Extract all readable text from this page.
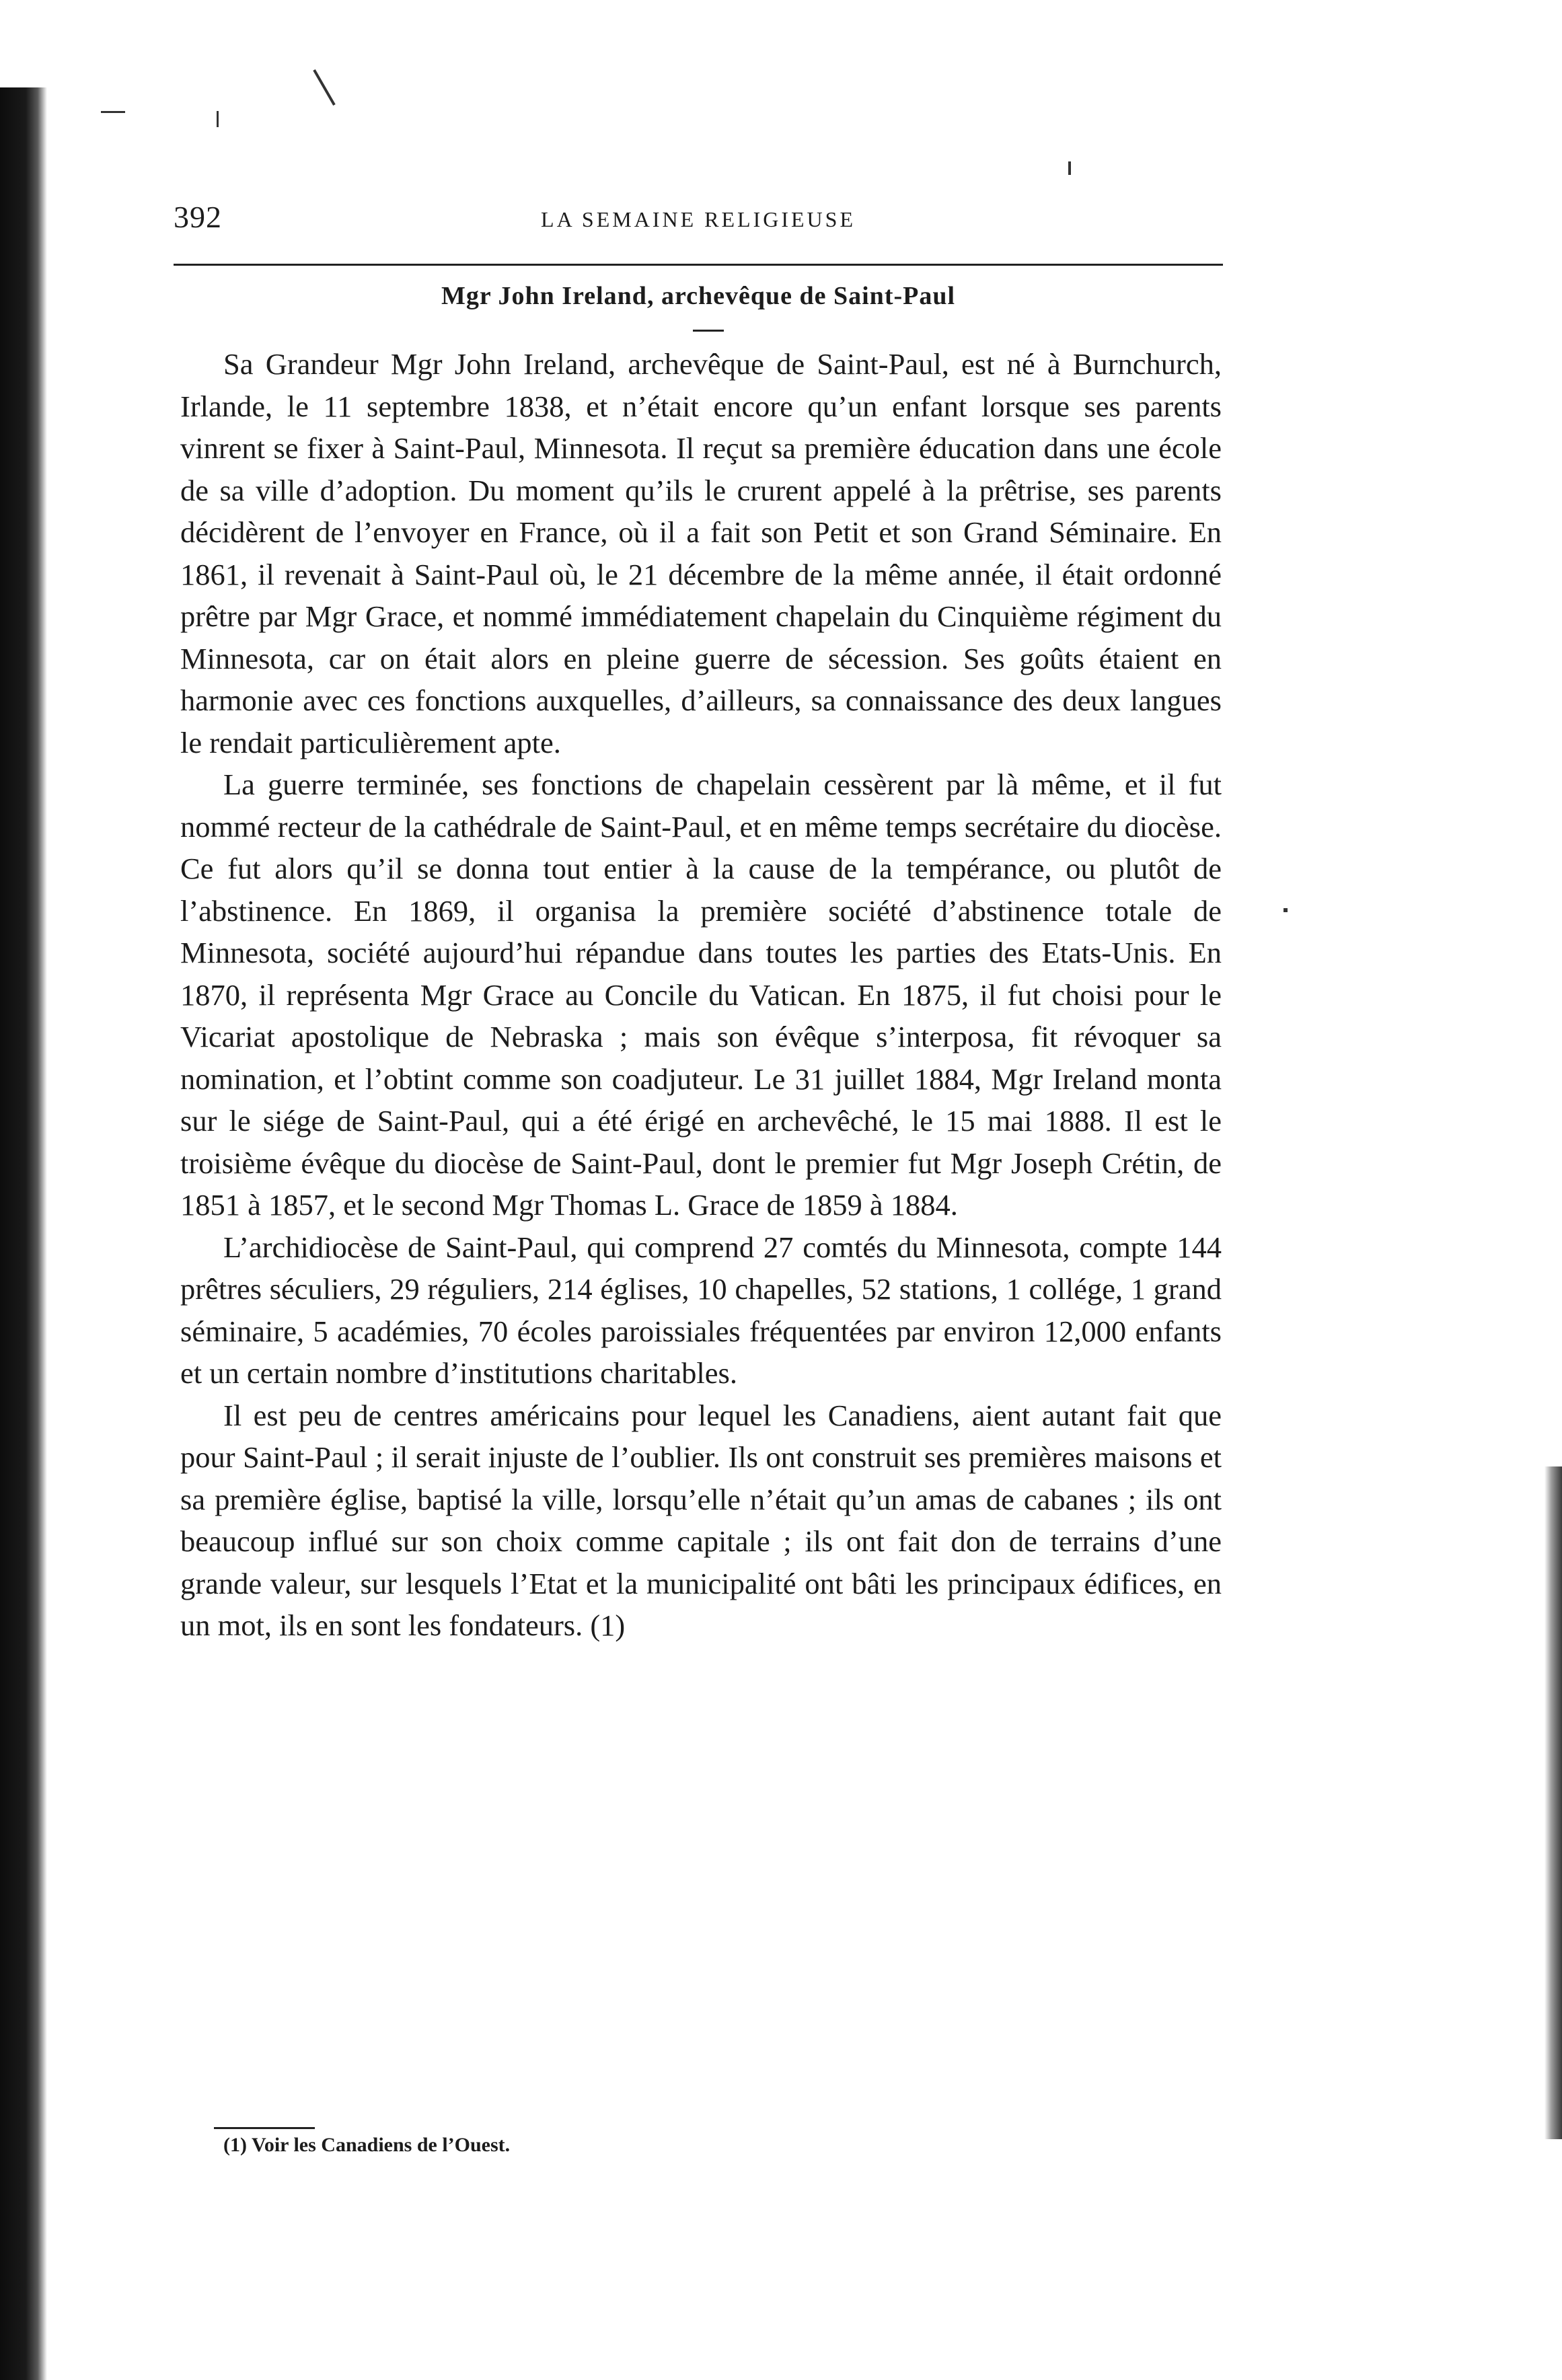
392	LA SEMAINE RELIGIEUSE
Mgr John Ireland, archevêque de Saint-Paul

Sa Grandeur Mgr John Ireland, archevêque de Saint-Paul, est né à Burnchurch, Irlande, le 11 septembre 1838, et n’était encore qu’un enfant lorsque ses parents vinrent se fixer à Saint-Paul, Minnesota. Il reçut sa première éducation dans une école de sa ville d’adoption. Du moment qu’ils le crurent appelé à la prêtrise, ses parents décidèrent de l’envoyer en France, où il a fait son Petit et son Grand Séminaire. En 1861, il revenait à Saint-Paul où, le 21 décembre de la même année, il était ordonné prêtre par Mgr Grace, et nommé immédiatement chapelain du Cinquième régiment du Minnesota, car on était alors en pleine guerre de sécession. Ses goûts étaient en harmonie avec ces fonctions auxquelles, d’ailleurs, sa connaissance des deux langues le rendait particulièrement apte.

La guerre terminée, ses fonctions de chapelain cessèrent par là même, et il fut nommé recteur de la cathédrale de Saint-Paul, et en même temps secrétaire du diocèse. Ce fut alors qu’il se donna tout entier à la cause de la tempérance, ou plutôt de l’abstinence. En 1869, il organisa la première société d’abstinence totale de Minnesota, société aujourd’hui répandue dans toutes les parties des Etats-Unis. En 1870, il représenta Mgr Grace au Concile du Vatican. En 1875, il fut choisi pour le Vicariat apostolique de Nebraska ; mais son évêque s’interposa, fit révoquer sa nomination, et l’obtint comme son coadjuteur. Le 31 juillet 1884, Mgr Ireland monta sur le siége de Saint-Paul, qui a été érigé en archevêché, le 15 mai 1888. Il est le troisième évêque du diocèse de Saint-Paul, dont le premier fut Mgr Joseph Crétin, de 1851 à 1857, et le second Mgr Thomas L. Grace de 1859 à 1884.

L’archidiocèse de Saint-Paul, qui comprend 27 comtés du Minnesota, compte 144 prêtres séculiers, 29 réguliers, 214 églises, 10 chapelles, 52 stations, 1 collége, 1 grand séminaire, 5 académies, 70 écoles paroissiales fréquentées par environ 12,000 enfants et un certain nombre d’institutions charitables.

Il est peu de centres américains pour lequel les Canadiens, aient autant fait que pour Saint-Paul ; il serait injuste de l’oublier. Ils ont construit ses premières maisons et sa première église, baptisé la ville, lorsqu’elle n’était qu’un amas de cabanes ; ils ont beaucoup influé sur son choix comme capitale ; ils ont fait don de terrains d’une grande valeur, sur lesquels l’Etat et la municipalité ont bâti les principaux édifices, en un mot, ils en sont les fondateurs. (1)

(1) Voir les Canadiens de l’Ouest.
